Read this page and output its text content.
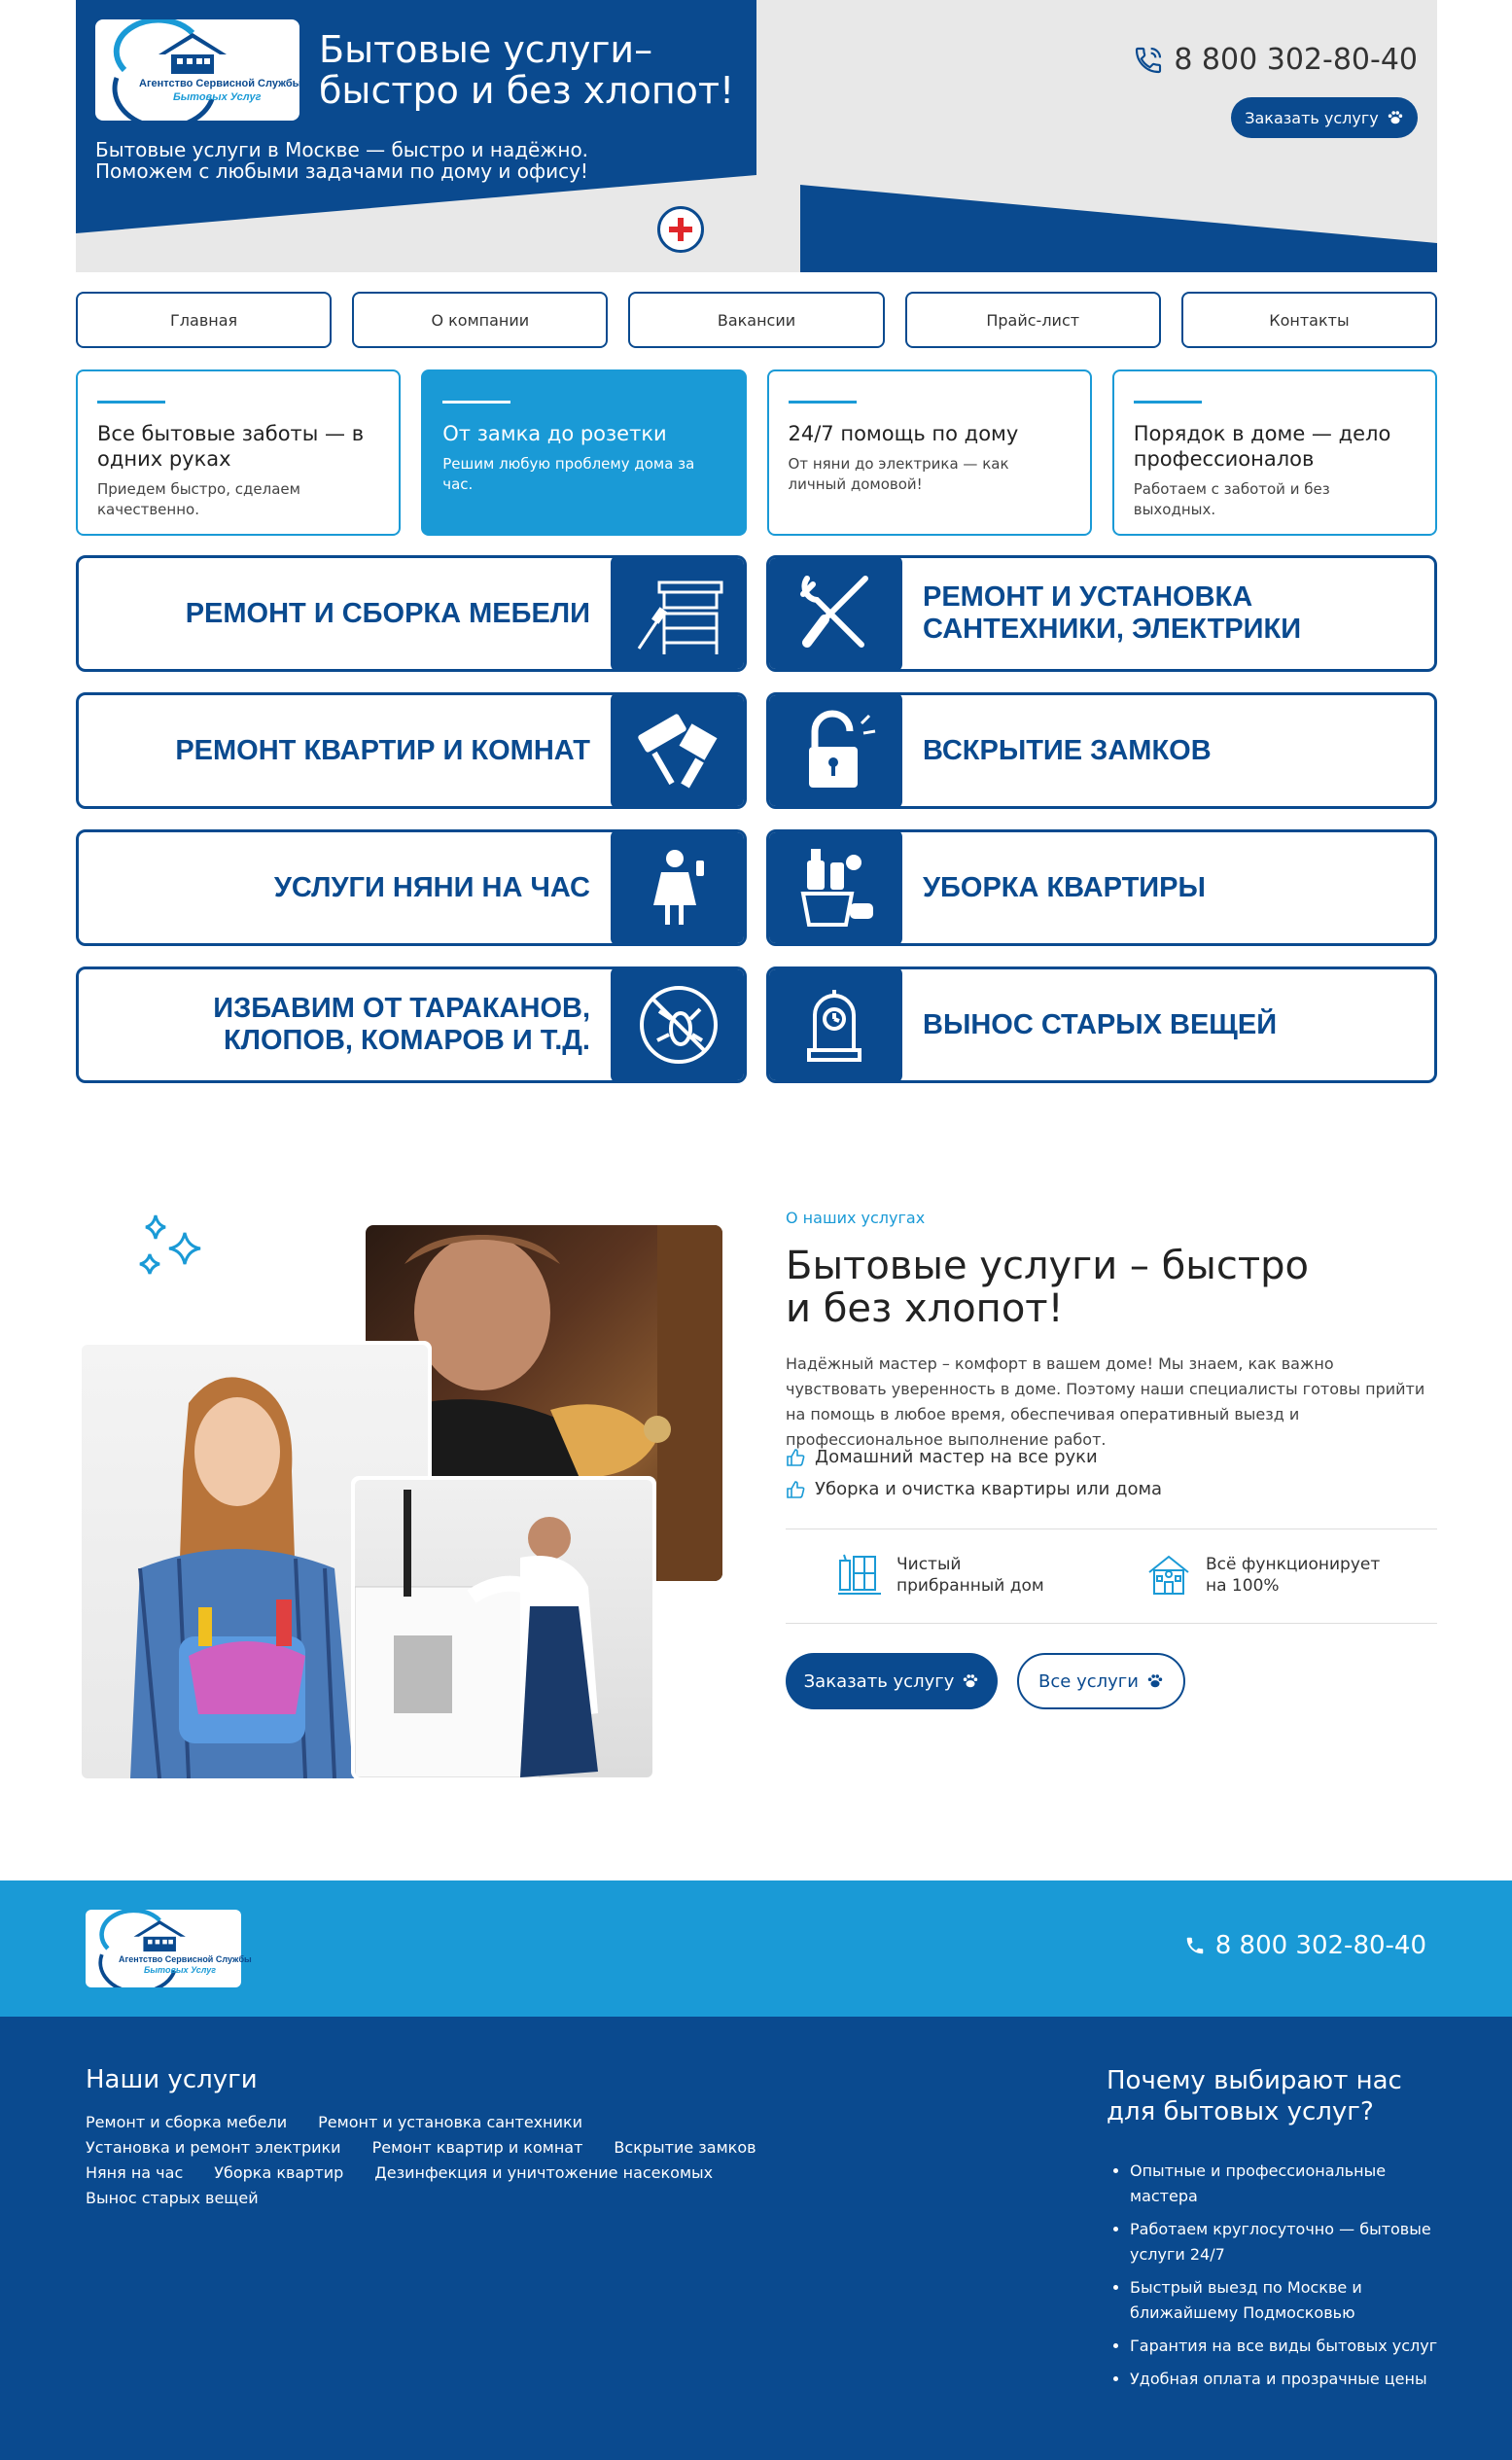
Агентство Сервисной Службы
Бытовых Услуг
Бытовые услуги–
быстро и без хлопот!
Бытовые услуги в Москве — быстро и надёжно.
Поможем с любыми задачами по дому и офису!
8 800 302-80-40
Заказать услугу
Главная	О компании	Вакансии	Прайс-лист	Контакты
Все бытовые заботы — в одних руках
Приедем быстро, сделаем качественно.
От замка до розетки
Решим любую проблему дома за час.
24/7 помощь по дому
От няни до электрика — как личный домовой!
Порядок в доме — дело профессионалов
Работаем с заботой и без выходных.
РЕМОНТ И СБОРКА МЕБЕЛИ
РЕМОНТ И УСТАНОВКА САНТЕХНИКИ, ЭЛЕКТРИКИ
РЕМОНТ КВАРТИР И КОМНАТ	ВСКРЫТИЕ ЗАМКОВ
УСЛУГИ НЯНИ НА ЧАС	УБОРКА КВАРТИРЫ
ИЗБАВИМ ОТ ТАРАКАНОВ, КЛОПОВ, КОМАРОВ И Т.Д.
ВЫНОС СТАРЫХ ВЕЩЕЙ
О наших услугах
Бытовые услуги – быстро
и без хлопот!
Надёжный мастер – комфорт в вашем доме! Мы знаем, как важно чувствовать уверенность в доме. Поэтому наши специалисты готовы прийти на помощь в любое время, обеспечивая оперативный выезд и профессиональное выполнение работ.
Домашний мастер на все руки
Уборка и очистка квартиры или дома
Чистый
прибранный дом
Всё функционирует
на 100%
Заказать услугу	Все услуги
Агентство Сервисной Службы
Бытовых Услуг
8 800 302-80-40
Наши услуги
Ремонт и сборка мебели Ремонт и установка сантехники
Установка и ремонт электрики Ремонт квартир и комнат Вскрытие замков
Няня на час Уборка квартир Дезинфекция и уничтожение насекомых
Вынос старых вещей
Почему выбирают нас для бытовых услуг?
• Опытные и профессиональные мастера
• Работаем круглосуточно — бытовые услуги 24/7
• Быстрый выезд по Москве и ближайшему Подмосковью
• Гарантия на все виды бытовых услуг
• Удобная оплата и прозрачные цены
